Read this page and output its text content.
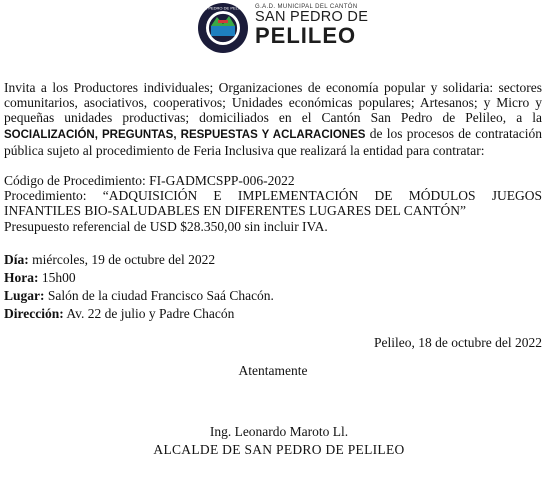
SAN PEDRO DE PELILEO G.A.D. MUNICIPAL DEL CANTÓN
SAN PEDRO DE
PELILEO

Invita a los Productores individuales; Organizaciones de economía popular y solidaria: sectores comunitarios, asociativos, cooperativos; Unidades económicas populares; Artesanos; y Micro y pequeñas unidades productivas; domiciliados en el Cantón San Pedro de Pelileo, a la SOCIALIZACIÓN, PREGUNTAS, RESPUESTAS Y ACLARACIONES de los procesos de contratación pública sujeto al procedimiento de Feria Inclusiva que realizará la entidad para contratar:

Código de Procedimiento: FI-GADMCSPP-006-2022

Procedimiento: “ADQUISICIÓN E IMPLEMENTACIÓN DE MÓDULOS JUEGOS INFANTILES BIO-SALUDABLES EN DIFERENTES LUGARES DEL CANTÓN”

Presupuesto referencial de USD $28.350,00 sin incluir IVA.

Día: miércoles, 19 de octubre del 2022

Hora: 15h00

Lugar: Salón de la ciudad Francisco Saá Chacón.

Dirección: Av. 22 de julio y Padre Chacón

Pelileo, 18 de octubre del 2022

Atentamente

Ing. Leonardo Maroto Ll.
ALCALDE DE SAN PEDRO DE PELILEO
